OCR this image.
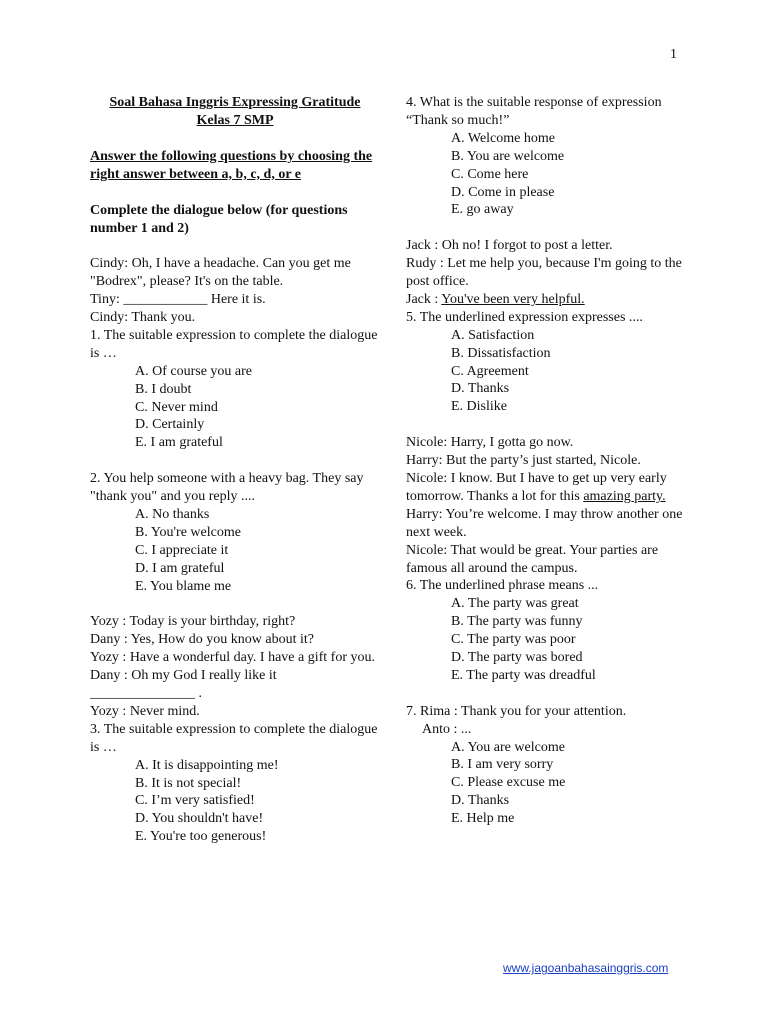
1

Soal Bahasa Inggris Expressing Gratitude

Kelas 7 SMP

Answer the following questions by choosing the right answer between a, b, c, d, or e

Complete the dialogue below (for questions number 1 and 2)

Cindy: Oh, I have a headache. Can you get me "Bodrex", please? It's on the table.

Tiny: ____________ Here it is.

Cindy: Thank you.

1. The suitable expression to complete the dialogue is …

A. Of course you are
B. I doubt
C. Never mind
D. Certainly
E. I am grateful

2. You help someone with a heavy bag. They say "thank you" and you reply ....

A. No thanks
B. You're welcome
C. I appreciate it
D. I am grateful
E. You blame me

Yozy : Today is your birthday, right?

Dany : Yes, How do you know about it?

Yozy : Have a wonderful day. I have a gift for you.

Dany : Oh my God I really like it

_______________ .

Yozy : Never mind.

3. The suitable expression to complete the dialogue is …

A. It is disappointing me!
B. It is not special!
C. I’m very satisfied!
D. You shouldn't have!
E. You're too generous!

4. What is the suitable response of expression “Thank so much!”

A. Welcome home
B. You are welcome
C. Come here
D. Come in please
E. go away

Jack : Oh no! I forgot to post a letter.

Rudy : Let me help you, because I'm going to the post office.

Jack : You've been very helpful.

5. The underlined expression expresses ....

A. Satisfaction
B. Dissatisfaction
C. Agreement
D. Thanks
E. Dislike

Nicole: Harry, I gotta go now.

Harry: But the party’s just started, Nicole.

Nicole: I know. But I have to get up very early tomorrow. Thanks a lot for this amazing party.

Harry: You’re welcome. I may throw another one next week.

Nicole: That would be great. Your parties are famous all around the campus.

6. The underlined phrase means ...

A. The party was great
B. The party was funny
C. The party was poor
D. The party was bored
E. The party was dreadful

7. Rima : Thank you for your attention.

Anto : ...

A. You are welcome
B. I am very sorry
C. Please excuse me
D. Thanks
E. Help me
www.jagoanbahasainggris.com
